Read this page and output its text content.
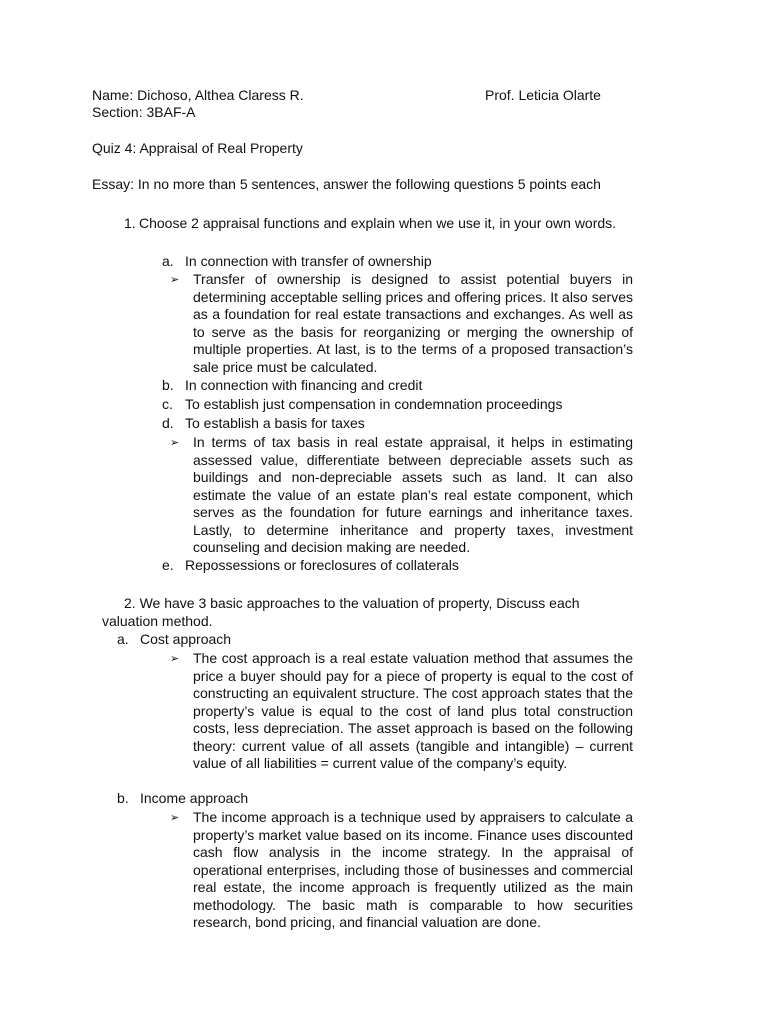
Name: Dichoso, Althea Claress R.	Prof. Leticia Olarte
Section: 3BAF-A
Quiz 4: Appraisal of Real Property
Essay: In no more than 5 sentences, answer the following questions 5 points each
1. Choose 2 appraisal functions and explain when we use it, in your own words.
a. In connection with transfer of ownership
➢ Transfer of ownership is designed to assist potential buyers in determining acceptable selling prices and offering prices. It also serves as a foundation for real estate transactions and exchanges. As well as to serve as the basis for reorganizing or merging the ownership of multiple properties. At last, is to the terms of a proposed transaction’s sale price must be calculated.
b. In connection with financing and credit
c. To establish just compensation in condemnation proceedings
d. To establish a basis for taxes
➢ In terms of tax basis in real estate appraisal, it helps in estimating assessed value, differentiate between depreciable assets such as buildings and non-depreciable assets such as land. It can also estimate the value of an estate plan’s real estate component, which serves as the foundation for future earnings and inheritance taxes. Lastly, to determine inheritance and property taxes, investment counseling and decision making are needed.
e. Repossessions or foreclosures of collaterals
2. We have 3 basic approaches to the valuation of property, Discuss each
valuation method.
a. Cost approach
➢ The cost approach is a real estate valuation method that assumes the price a buyer should pay for a piece of property is equal to the cost of constructing an equivalent structure. The cost approach states that the property’s value is equal to the cost of land plus total construction costs, less depreciation. The asset approach is based on the following theory: current value of all assets (tangible and intangible) – current value of all liabilities = current value of the company’s equity.
b. Income approach
➢ The income approach is a technique used by appraisers to calculate a property’s market value based on its income. Finance uses discounted cash flow analysis in the income strategy. In the appraisal of operational enterprises, including those of businesses and commercial real estate, the income approach is frequently utilized as the main methodology. The basic math is comparable to how securities research, bond pricing, and financial valuation are done.
